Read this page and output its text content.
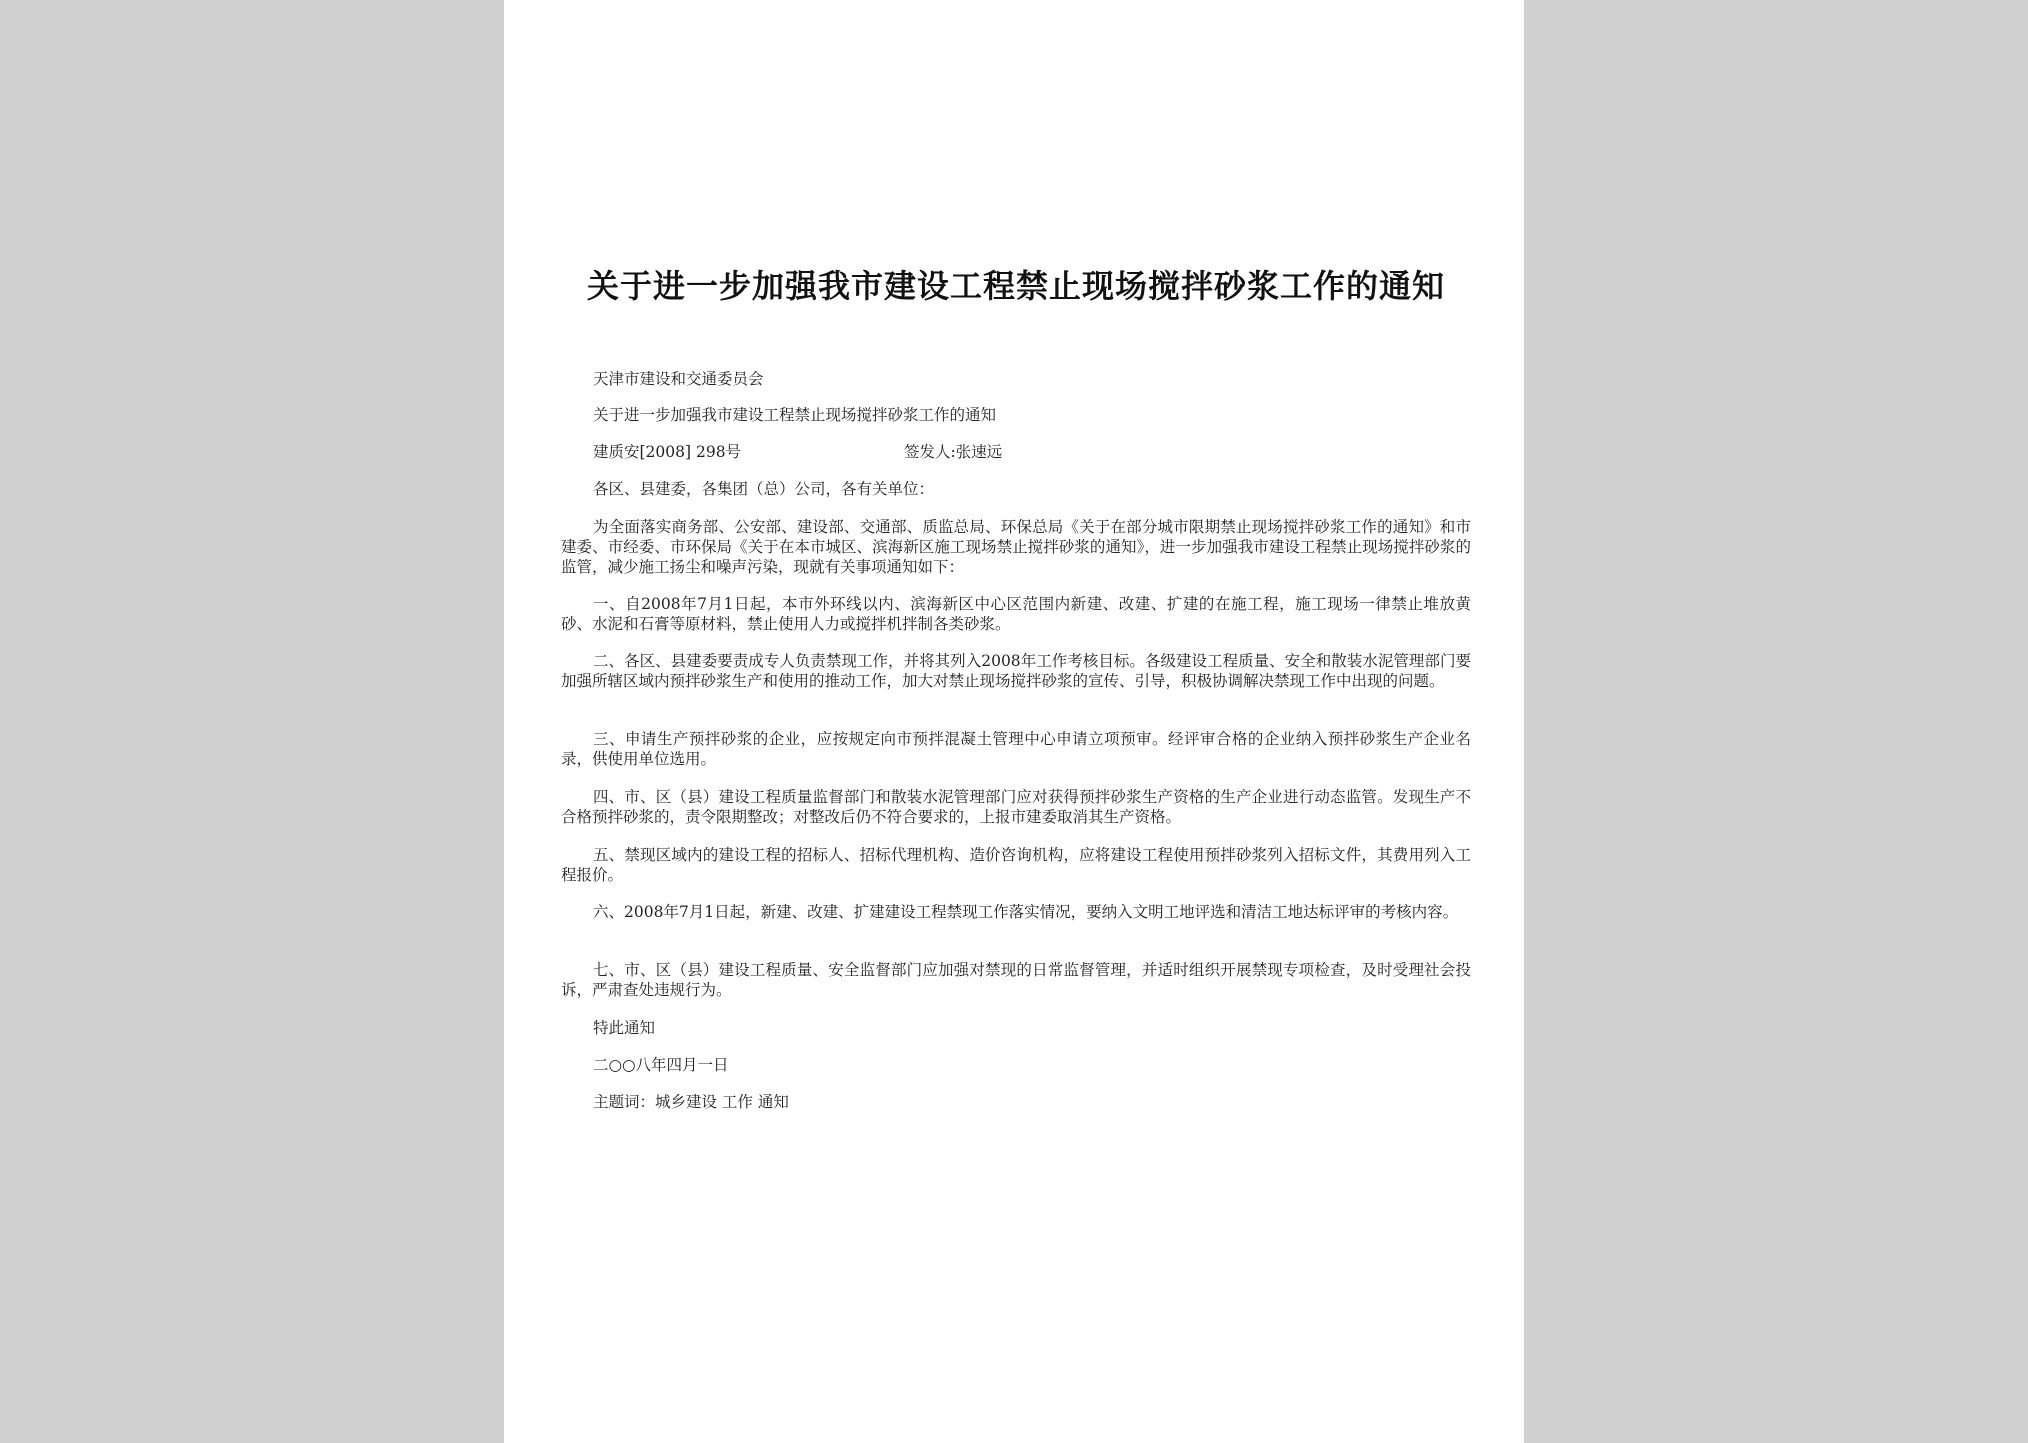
关于进一步加强我市建设工程禁止现场搅拌砂浆工作的通知
天津市建设和交通委员会
关于进一步加强我市建设工程禁止现场搅拌砂浆工作的通知
建质安[2008] 298号	签发人:张速远
各区、县建委，各集团（总）公司，各有关单位：
为全面落实商务部、公安部、建设部、交通部、质监总局、环保总局《关于在部分城市限期禁止现场搅拌砂浆工作的通知》和市建委、市经委、市环保局《关于在本市城区、滨海新区施工现场禁止搅拌砂浆的通知》，进一步加强我市建设工程禁止现场搅拌砂浆的监管，减少施工扬尘和噪声污染，现就有关事项通知如下：
一、自2008年7月1日起，本市外环线以内、滨海新区中心区范围内新建、改建、扩建的在施工程，施工现场一律禁止堆放黄砂、水泥和石膏等原材料，禁止使用人力或搅拌机拌制各类砂浆。
二、各区、县建委要责成专人负责禁现工作，并将其列入2008年工作考核目标。各级建设工程质量、安全和散装水泥管理部门要加强所辖区域内预拌砂浆生产和使用的推动工作，加大对禁止现场搅拌砂浆的宣传、引导，积极协调解决禁现工作中出现的问题。
三、申请生产预拌砂浆的企业，应按规定向市预拌混凝土管理中心申请立项预审。经评审合格的企业纳入预拌砂浆生产企业名录，供使用单位选用。
四、市、区（县）建设工程质量监督部门和散装水泥管理部门应对获得预拌砂浆生产资格的生产企业进行动态监管。发现生产不合格预拌砂浆的，责令限期整改；对整改后仍不符合要求的，上报市建委取消其生产资格。
五、禁现区域内的建设工程的招标人、招标代理机构、造价咨询机构，应将建设工程使用预拌砂浆列入招标文件，其费用列入工程报价。
六、2008年7月1日起，新建、改建、扩建建设工程禁现工作落实情况，要纳入文明工地评选和清洁工地达标评审的考核内容。
七、市、区（县）建设工程质量、安全监督部门应加强对禁现的日常监督管理，并适时组织开展禁现专项检查，及时受理社会投诉，严肃查处违规行为。
特此通知
二○○八年四月一日
主题词：城乡建设 工作 通知
